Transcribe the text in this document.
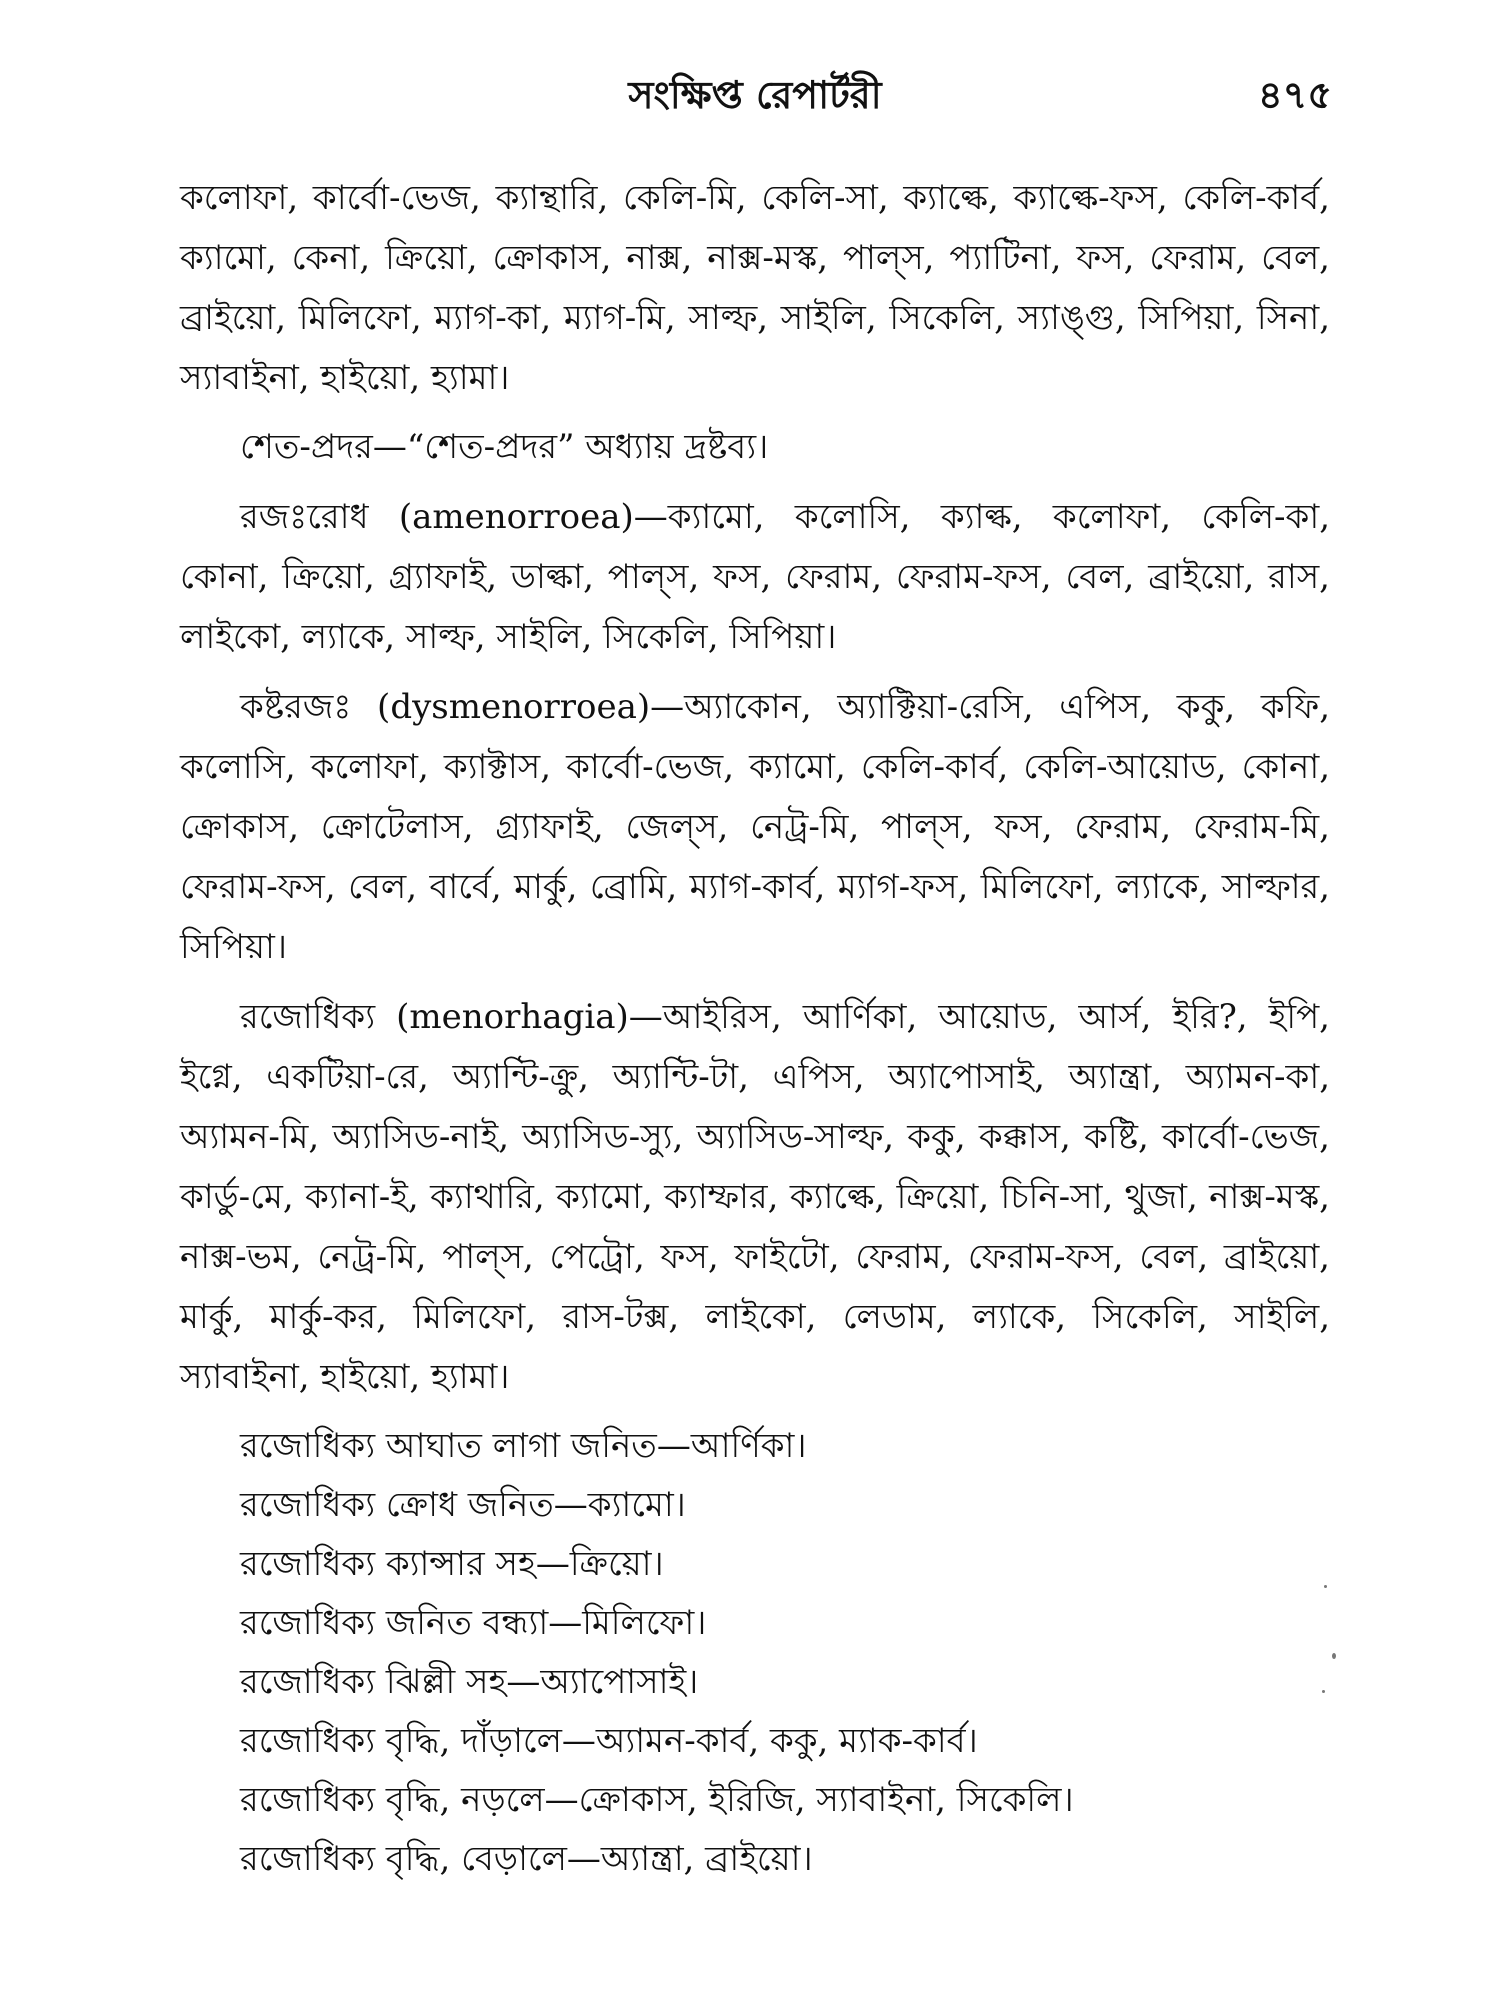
সংক্ষিপ্ত রেপার্টরী	৪৭৫

কলোফা, কার্বো-ভেজ, ক্যান্থারি, কেলি-মি, কেলি-সা, ক্যাল্কে, ক্যাল্কে-ফস, কেলি-কার্ব, ক্যামো, কেনা, ক্রিয়ো, ক্রোকাস, নাক্স, নাক্স-মস্ক, পাল্স, প্যাটিনা, ফস, ফেরাম, বেল, ব্রাইয়ো, মিলিফো, ম্যাগ-কা, ম্যাগ-মি, সাল্ফ, সাইলি, সিকেলি, স্যাঙ্গু, সিপিয়া, সিনা, স্যাবাইনা, হাইয়ো, হ্যামা।

শেত-প্রদর—“শেত-প্রদর” অধ্যায় দ্রষ্টব্য।

রজঃরোধ (amenorroea)—ক্যামো, কলোসি, ক্যাল্ক, কলোফা, কেলি-কা, কোনা, ক্রিয়ো, গ্র্যাফাই, ডাল্কা, পাল্স, ফস, ফেরাম, ফেরাম-ফস, বেল, ব্রাইয়ো, রাস, লাইকো, ল্যাকে, সাল্ফ, সাইলি, সিকেলি, সিপিয়া।

কষ্টরজঃ (dysmenorroea)—অ্যাকোন, অ্যাক্টিয়া-রেসি, এপিস, ককু, কফি, কলোসি, কলোফা, ক্যাক্টাস, কার্বো-ভেজ, ক্যামো, কেলি-কার্ব, কেলি-আয়োড, কোনা, ক্রোকাস, ক্রোটেলাস, গ্র্যাফাই, জেল্স, নেট্র-মি, পাল্স, ফস, ফেরাম, ফেরাম-মি, ফেরাম-ফস, বেল, বার্বে, মার্কু, ব্রোমি, ম্যাগ-কার্ব, ম্যাগ-ফস, মিলিফো, ল্যাকে, সাল্ফার, সিপিয়া।

রজোধিক্য (menorhagia)—আইরিস, আর্ণিকা, আয়োড, আর্স, ইরি?, ইপি, ইগ্নে, একটিয়া-রে, অ্যান্টি-ক্রু, অ্যান্টি-টা, এপিস, অ্যাপোসাই, অ্যান্ত্রা, অ্যামন-কা, অ্যামন-মি, অ্যাসিড-নাই, অ্যাসিড-স্যু, অ্যাসিড-সাল্ফ, ককু, কক্কাস, কষ্টি, কার্বো-ভেজ, কার্ডু-মে, ক্যানা-ই, ক্যাথারি, ক্যামো, ক্যাম্ফার, ক্যাল্কে, ক্রিয়ো, চিনি-সা, থুজা, নাক্স-মস্ক, নাক্স-ভম, নেট্র-মি, পাল্স, পেট্রো, ফস, ফাইটো, ফেরাম, ফেরাম-ফস, বেল, ব্রাইয়ো, মার্কু, মার্কু-কর, মিলিফো, রাস-টক্স, লাইকো, লেডাম, ল্যাকে, সিকেলি, সাইলি, স্যাবাইনা, হাইয়ো, হ্যামা।

রজোধিক্য আঘাত লাগা জনিত—আর্ণিকা।

রজোধিক্য ক্রোধ জনিত—ক্যামো।

রজোধিক্য ক্যান্সার সহ—ক্রিয়ো।

রজোধিক্য জনিত বন্ধ্যা—মিলিফো।

রজোধিক্য ঝিল্লী সহ—অ্যাপোসাই।

রজোধিক্য বৃদ্ধি, দাঁড়ালে—অ্যামন-কার্ব, ককু, ম্যাক-কার্ব।

রজোধিক্য বৃদ্ধি, নড়লে—ক্রোকাস, ইরিজি, স্যাবাইনা, সিকেলি।

রজোধিক্য বৃদ্ধি, বেড়ালে—অ্যান্ত্রা, ব্রাইয়ো।
